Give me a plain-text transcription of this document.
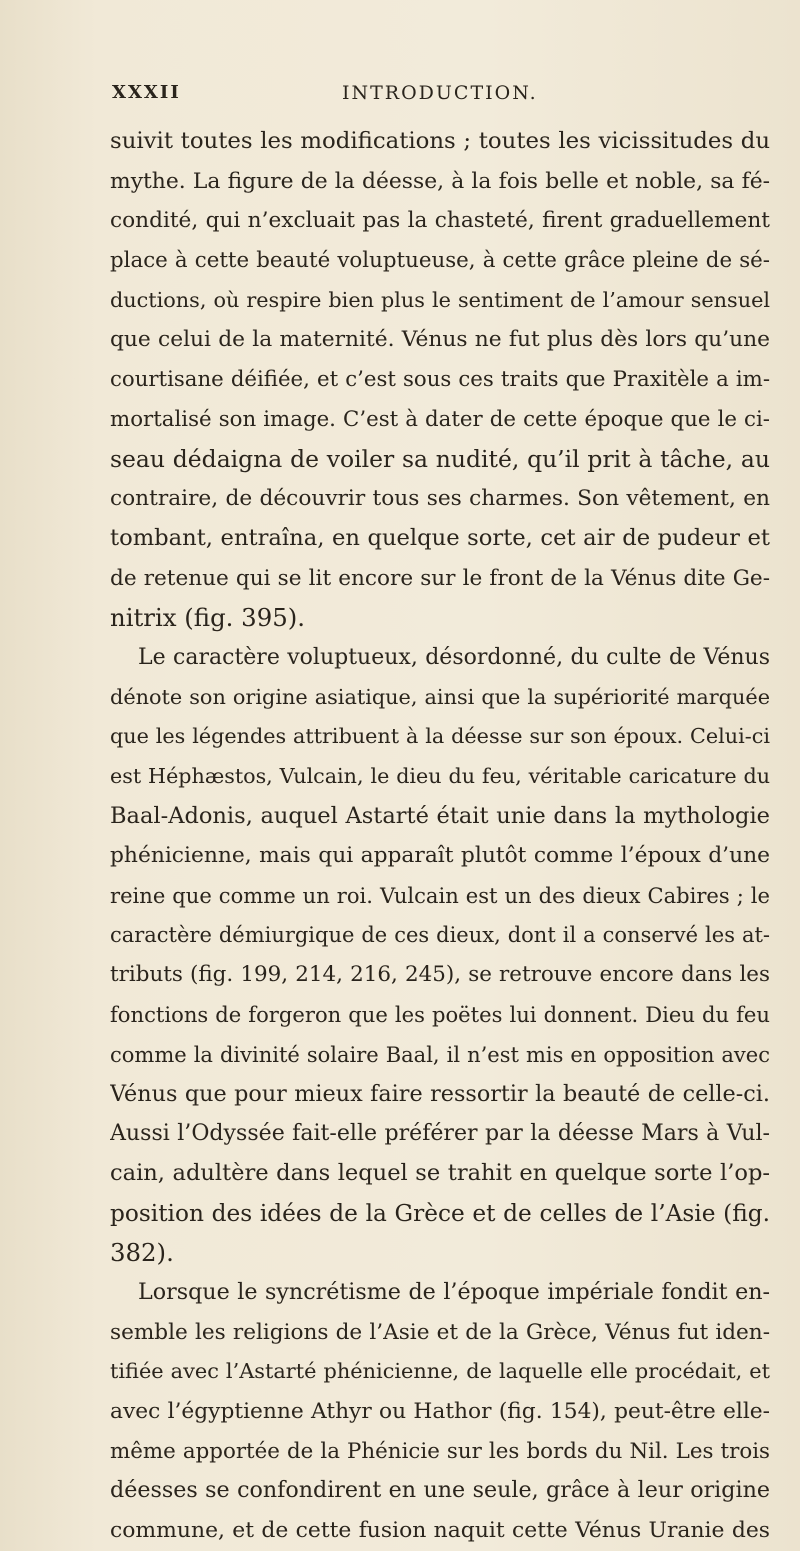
XXXII	INTRODUCTION.
suivit toutes les modifications ; toutes les vicissitudes du
mythe. La figure de la déesse, à la fois belle et noble, sa fé-
condité, qui n’excluait pas la chasteté, firent graduellement
place à cette beauté voluptueuse, à cette grâce pleine de sé-
ductions, où respire bien plus le sentiment de l’amour sensuel
que celui de la maternité. Vénus ne fut plus dès lors qu’une
courtisane déifiée, et c’est sous ces traits que Praxitèle a im-
mortalisé son image. C’est à dater de cette époque que le ci-
seau dédaigna de voiler sa nudité, qu’il prit à tâche, au
contraire, de découvrir tous ses charmes. Son vêtement, en
tombant, entraîna, en quelque sorte, cet air de pudeur et
de retenue qui se lit encore sur le front de la Vénus dite Ge-
nitrix (fig. 395).
Le caractère voluptueux, désordonné, du culte de Vénus
dénote son origine asiatique, ainsi que la supériorité marquée
que les légendes attribuent à la déesse sur son époux. Celui-ci
est Héphæstos, Vulcain, le dieu du feu, véritable caricature du
Baal-Adonis, auquel Astarté était unie dans la mythologie
phénicienne, mais qui apparaît plutôt comme l’époux d’une
reine que comme un roi. Vulcain est un des dieux Cabires ; le
caractère démiurgique de ces dieux, dont il a conservé les at-
tributs (fig. 199, 214, 216, 245), se retrouve encore dans les
fonctions de forgeron que les poëtes lui donnent. Dieu du feu
comme la divinité solaire Baal, il n’est mis en opposition avec
Vénus que pour mieux faire ressortir la beauté de celle-ci.
Aussi l’Odyssée fait-elle préférer par la déesse Mars à Vul-
cain, adultère dans lequel se trahit en quelque sorte l’op-
position des idées de la Grèce et de celles de l’Asie (fig.
382).
Lorsque le syncrétisme de l’époque impériale fondit en-
semble les religions de l’Asie et de la Grèce, Vénus fut iden-
tifiée avec l’Astarté phénicienne, de laquelle elle procédait, et
avec l’égyptienne Athyr ou Hathor (fig. 154), peut-être elle-
même apportée de la Phénicie sur les bords du Nil. Les trois
déesses se confondirent en une seule, grâce à leur origine
commune, et de cette fusion naquit cette Vénus Uranie des
